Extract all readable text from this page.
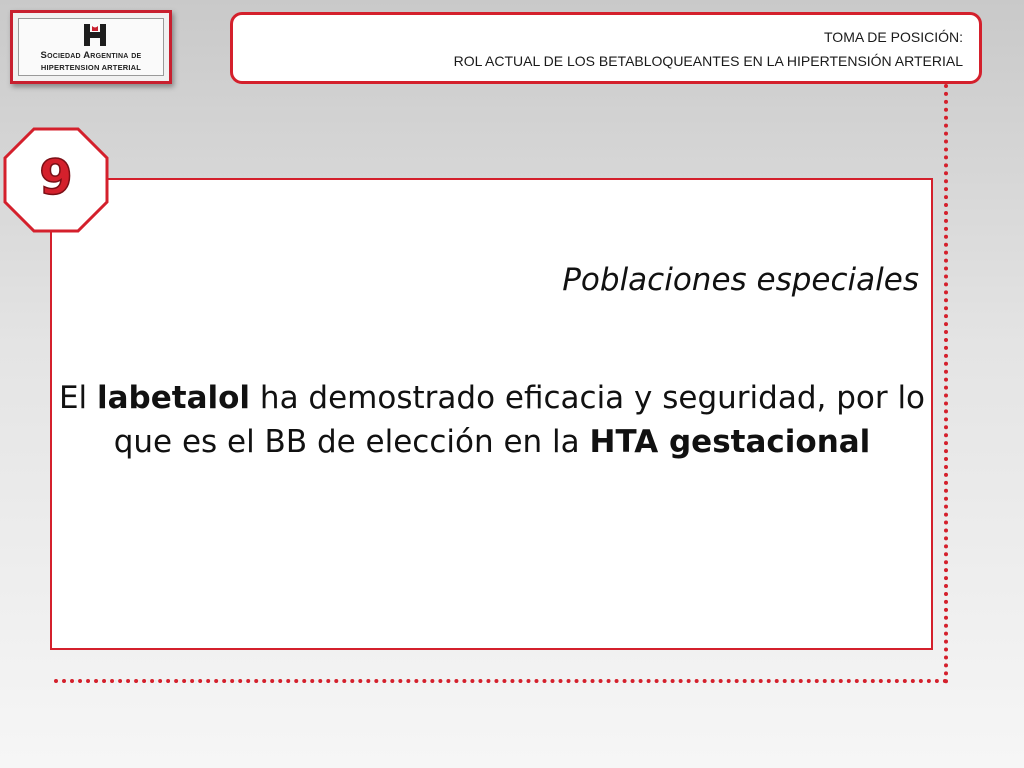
Sociedad Argentina de
HIPERTENSION ARTERIAL
TOMA DE POSICIÓN:
ROL ACTUAL DE LOS BETABLOQUEANTES EN LA HIPERTENSIÓN ARTERIAL
9
Poblaciones especiales
El labetalol ha demostrado eficacia y seguridad, por lo que es el BB de elección en la HTA gestacional
